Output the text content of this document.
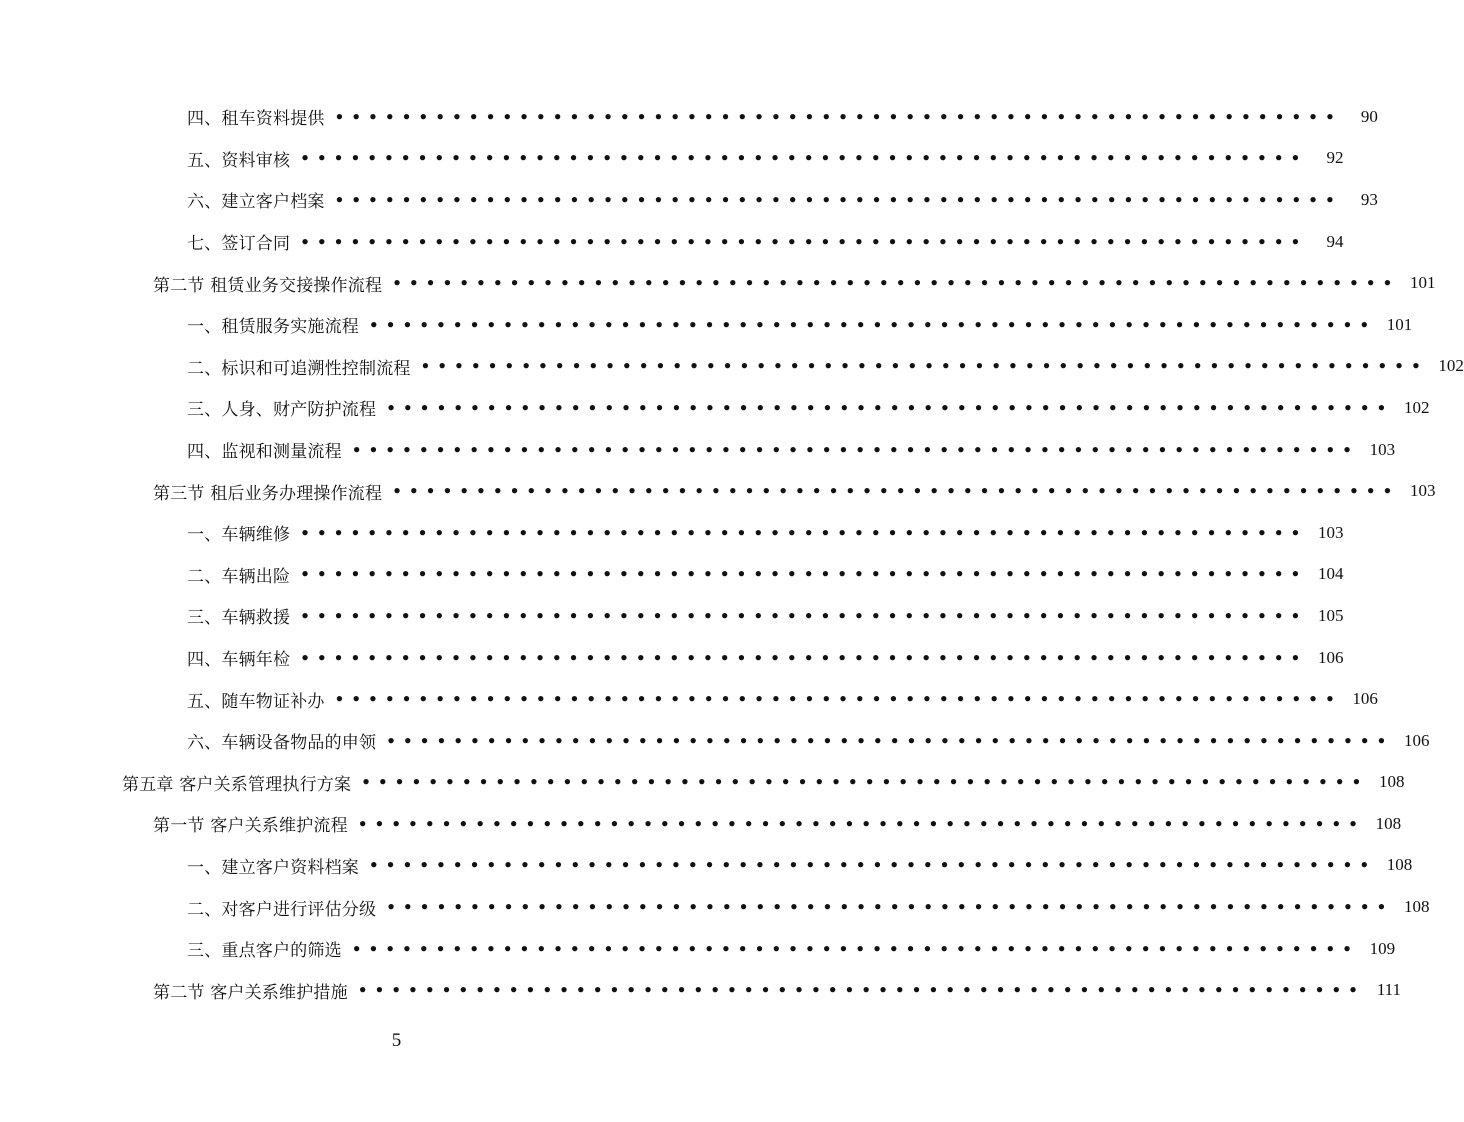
四、租车资料提供 ••••••••••••••••••••••••••••••••••••••••••••••••••••••••••••	90
五、资料审核 ••••••••••••••••••••••••••••••••••••••••••••••••••••••••••••	92
六、建立客户档案 ••••••••••••••••••••••••••••••••••••••••••••••••••••••••••••	93
七、签订合同 ••••••••••••••••••••••••••••••••••••••••••••••••••••••••••••	94
第二节 租赁业务交接操作流程 •••••••••••••••••••••••••••••••••••••••••••••••••••••••••••• 101
一、租赁服务实施流程 •••••••••••••••••••••••••••••••••••••••••••••••••••••••••••• 101
二、标识和可追溯性控制流程 •••••••••••••••••••••••••••••••••••••••••••••••••••••••••••• 102
三、人身、财产防护流程 •••••••••••••••••••••••••••••••••••••••••••••••••••••••••••• 102
四、监视和测量流程 •••••••••••••••••••••••••••••••••••••••••••••••••••••••••••• 103
第三节 租后业务办理操作流程 •••••••••••••••••••••••••••••••••••••••••••••••••••••••••••• 103
一、车辆维修 •••••••••••••••••••••••••••••••••••••••••••••••••••••••••••• 103
二、车辆出险 •••••••••••••••••••••••••••••••••••••••••••••••••••••••••••• 104
三、车辆救援 •••••••••••••••••••••••••••••••••••••••••••••••••••••••••••• 105
四、车辆年检 •••••••••••••••••••••••••••••••••••••••••••••••••••••••••••• 106
五、随车物证补办 •••••••••••••••••••••••••••••••••••••••••••••••••••••••••••• 106
六、车辆设备物品的申领 •••••••••••••••••••••••••••••••••••••••••••••••••••••••••••• 106
第五章 客户关系管理执行方案 •••••••••••••••••••••••••••••••••••••••••••••••••••••••••••• 108
第一节 客户关系维护流程 •••••••••••••••••••••••••••••••••••••••••••••••••••••••••••• 108
一、建立客户资料档案 •••••••••••••••••••••••••••••••••••••••••••••••••••••••••••• 108
二、对客户进行评估分级 •••••••••••••••••••••••••••••••••••••••••••••••••••••••••••• 108
三、重点客户的筛选 •••••••••••••••••••••••••••••••••••••••••••••••••••••••••••• 109
第二节 客户关系维护措施 •••••••••••••••••••••••••••••••••••••••••••••••••••••••••••• 111
5
